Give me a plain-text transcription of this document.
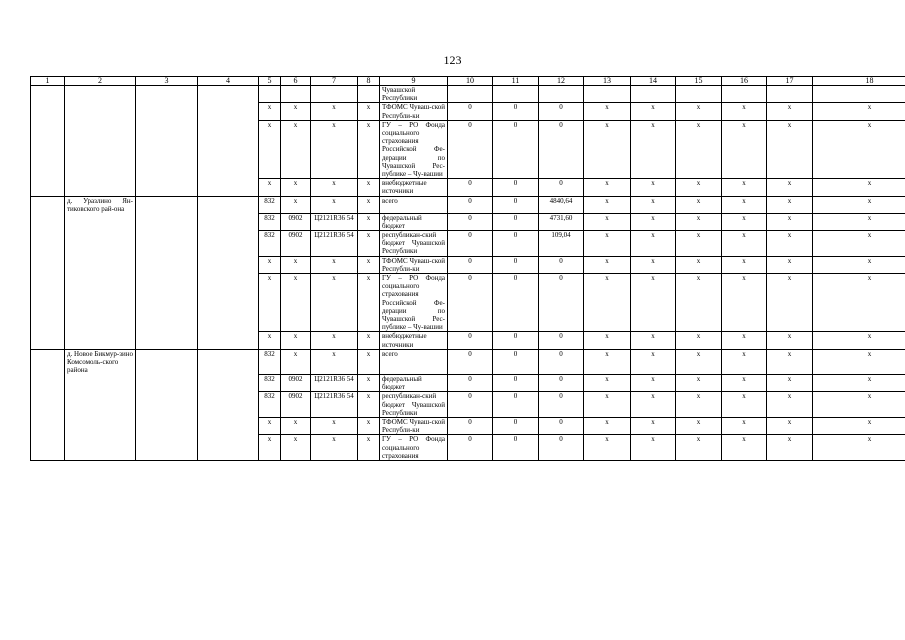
123
1	2	3	4	5	6	7	8	9	10	11	12	13	14	15	16	17	18
								Чувашской Республики									
				x	x	x	x	ТФОМС Чуваш-ской Республи-ки	0	0	0	x	x	x	x	x	x
				x	x	x	x	ГУ – РО Фонда социального страхования Российской Фе-дерации по Чувашской Рес-публике – Чу-вашии	0	0	0	x	x	x	x	x	x
				x	x	x	x	внебюджетные источники	0	0	0	x	x	x	x	x	x
	д. Уразлино Ян-тиковского рай-она			832	x	x	x	всего	0	0	4840,64	x	x	x	x	x	x
				832	0902	Ц2121R36 54	x	федеральный бюджет	0	0	4731,60	x	x	x	x	x	x
				832	0902	Ц2121R36 54	x	республикан-ский бюджет Чувашской Республики	0	0	109,04	x	x	x	x	x	x
				x	x	x	x	ТФОМС Чуваш-ской Республи-ки	0	0	0	x	x	x	x	x	x
				x	x	x	x	ГУ – РО Фонда социального страхования Российской Фе-дерации по Чувашской Рес-публике – Чу-вашии	0	0	0	x	x	x	x	x	x
				x	x	x	x	внебюджетные источники	0	0	0	x	x	x	x	x	x
	д. Новое Бикмур-зино Комсомоль-ского района			832	x	x	x	всего	0	0	0	x	x	x	x	x	x
				832	0902	Ц2121R36 54	x	федеральный бюджет	0	0	0	x	x	x	x	x	x
				832	0902	Ц2121R36 54	x	республикан-ский бюджет Чувашской Республики	0	0	0	x	x	x	x	x	x
				x	x	x	x	ТФОМС Чуваш-ской Республи-ки	0	0	0	x	x	x	x	x	x
				x	x	x	x	ГУ – РО Фонда социального страхования	0	0	0	x	x	x	x	x	x
